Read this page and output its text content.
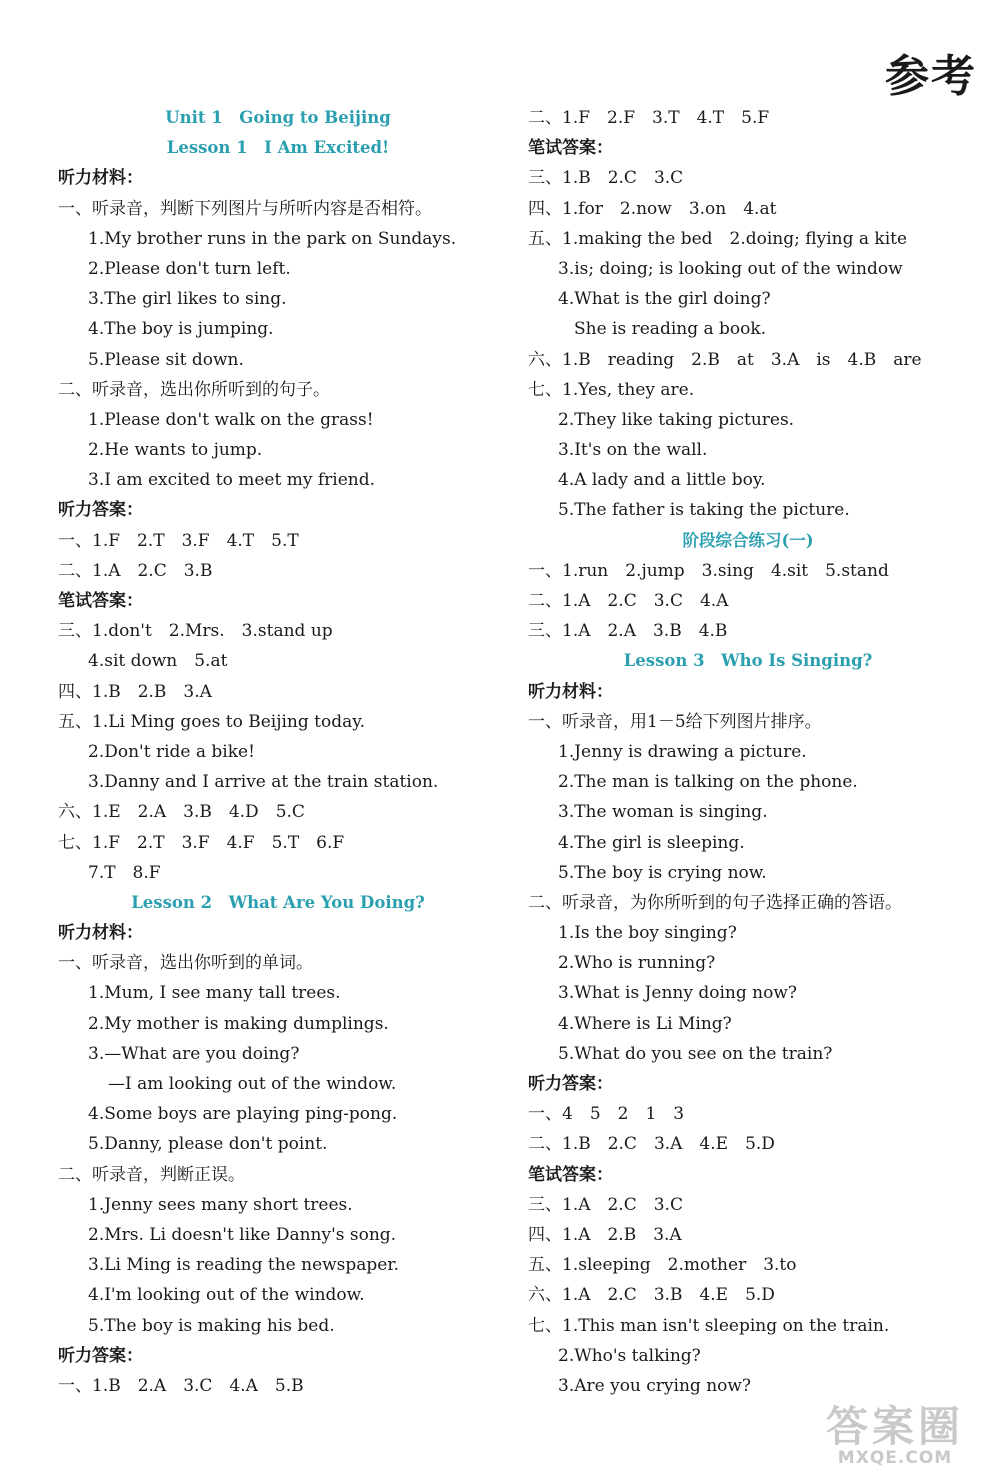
参考
Unit 1　Going to Beijing
Lesson 1　I Am Excited!
听力材料：
一、听录音，判断下列图片与所听内容是否相符。
1.My brother runs in the park on Sundays.
2.Please don't turn left.
3.The girl likes to sing.
4.The boy is jumping.
5.Please sit down.
二、听录音，选出你所听到的句子。
1.Please don't walk on the grass!
2.He wants to jump.
3.I am excited to meet my friend.
听力答案：
一、1.F　2.T　3.F　4.T　5.T
二、1.A　2.C　3.B
笔试答案：
三、1.don't　2.Mrs.　3.stand up
4.sit down　5.at
四、1.B　2.B　3.A
五、1.Li Ming goes to Beijing today.
2.Don't ride a bike!
3.Danny and I arrive at the train station.
六、1.E　2.A　3.B　4.D　5.C
七、1.F　2.T　3.F　4.F　5.T　6.F
7.T　8.F
Lesson 2　What Are You Doing?
听力材料：
一、听录音，选出你听到的单词。
1.Mum, I see many tall trees.
2.My mother is making dumplings.
3.—What are you doing?
—I am looking out of the window.
4.Some boys are playing ping-pong.
5.Danny, please don't point.
二、听录音，判断正误。
1.Jenny sees many short trees.
2.Mrs. Li doesn't like Danny's song.
3.Li Ming is reading the newspaper.
4.I'm looking out of the window.
5.The boy is making his bed.
听力答案：
一、1.B　2.A　3.C　4.A　5.B
二、1.F　2.F　3.T　4.T　5.F
笔试答案：
三、1.B　2.C　3.C
四、1.for　2.now　3.on　4.at
五、1.making the bed　2.doing; flying a kite
3.is; doing; is looking out of the window
4.What is the girl doing?
She is reading a book.
六、1.B　reading　2.B　at　3.A　is　4.B　are
七、1.Yes, they are.
2.They like taking pictures.
3.It's on the wall.
4.A lady and a little boy.
5.The father is taking the picture.
阶段综合练习(一)
一、1.run　2.jump　3.sing　4.sit　5.stand
二、1.A　2.C　3.C　4.A
三、1.A　2.A　3.B　4.B
Lesson 3　Who Is Singing?
听力材料：
一、听录音，用1－5给下列图片排序。
1.Jenny is drawing a picture.
2.The man is talking on the phone.
3.The woman is singing.
4.The girl is sleeping.
5.The boy is crying now.
二、听录音，为你所听到的句子选择正确的答语。
1.Is the boy singing?
2.Who is running?
3.What is Jenny doing now?
4.Where is Li Ming?
5.What do you see on the train?
听力答案：
一、4　5　2　1　3
二、1.B　2.C　3.A　4.E　5.D
笔试答案：
三、1.A　2.C　3.C
四、1.A　2.B　3.A
五、1.sleeping　2.mother　3.to
六、1.A　2.C　3.B　4.E　5.D
七、1.This man isn't sleeping on the train.
2.Who's talking?
3.Are you crying now?
答案圈
MXQE.COM
